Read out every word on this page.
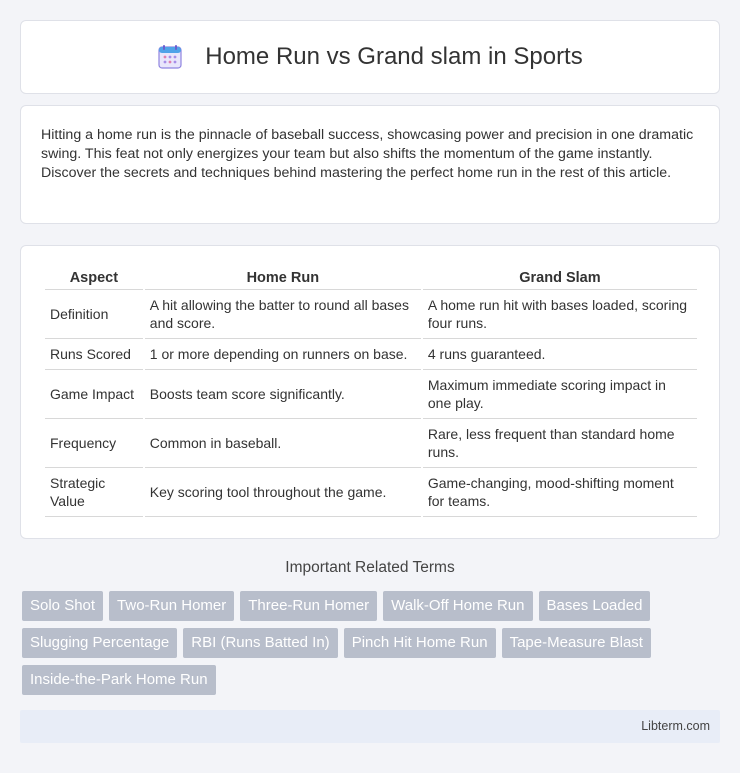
Home Run vs Grand slam in Sports

Hitting a home run is the pinnacle of baseball success, showcasing power and precision in one dramatic swing. This feat not only energizes your team but also shifts the momentum of the game instantly. Discover the secrets and techniques behind mastering the perfect home run in the rest of this article.

Aspect	Home Run	Grand Slam
Definition	A hit allowing the batter to round all bases and score.	A home run hit with bases loaded, scoring four runs.
Runs Scored	1 or more depending on runners on base.	4 runs guaranteed.
Game Impact	Boosts team score significantly.	Maximum immediate scoring impact in one play.
Frequency	Common in baseball.	Rare, less frequent than standard home runs.
Strategic Value	Key scoring tool throughout the game.	Game-changing, mood-shifting moment for teams.
Important Related Terms
Solo Shot	Two-Run Homer	Three-Run Homer	Walk-Off Home Run	Bases Loaded
Slugging Percentage	RBI (Runs Batted In)	Pinch Hit Home Run	Tape-Measure Blast
Inside-the-Park Home Run
Libterm.com
